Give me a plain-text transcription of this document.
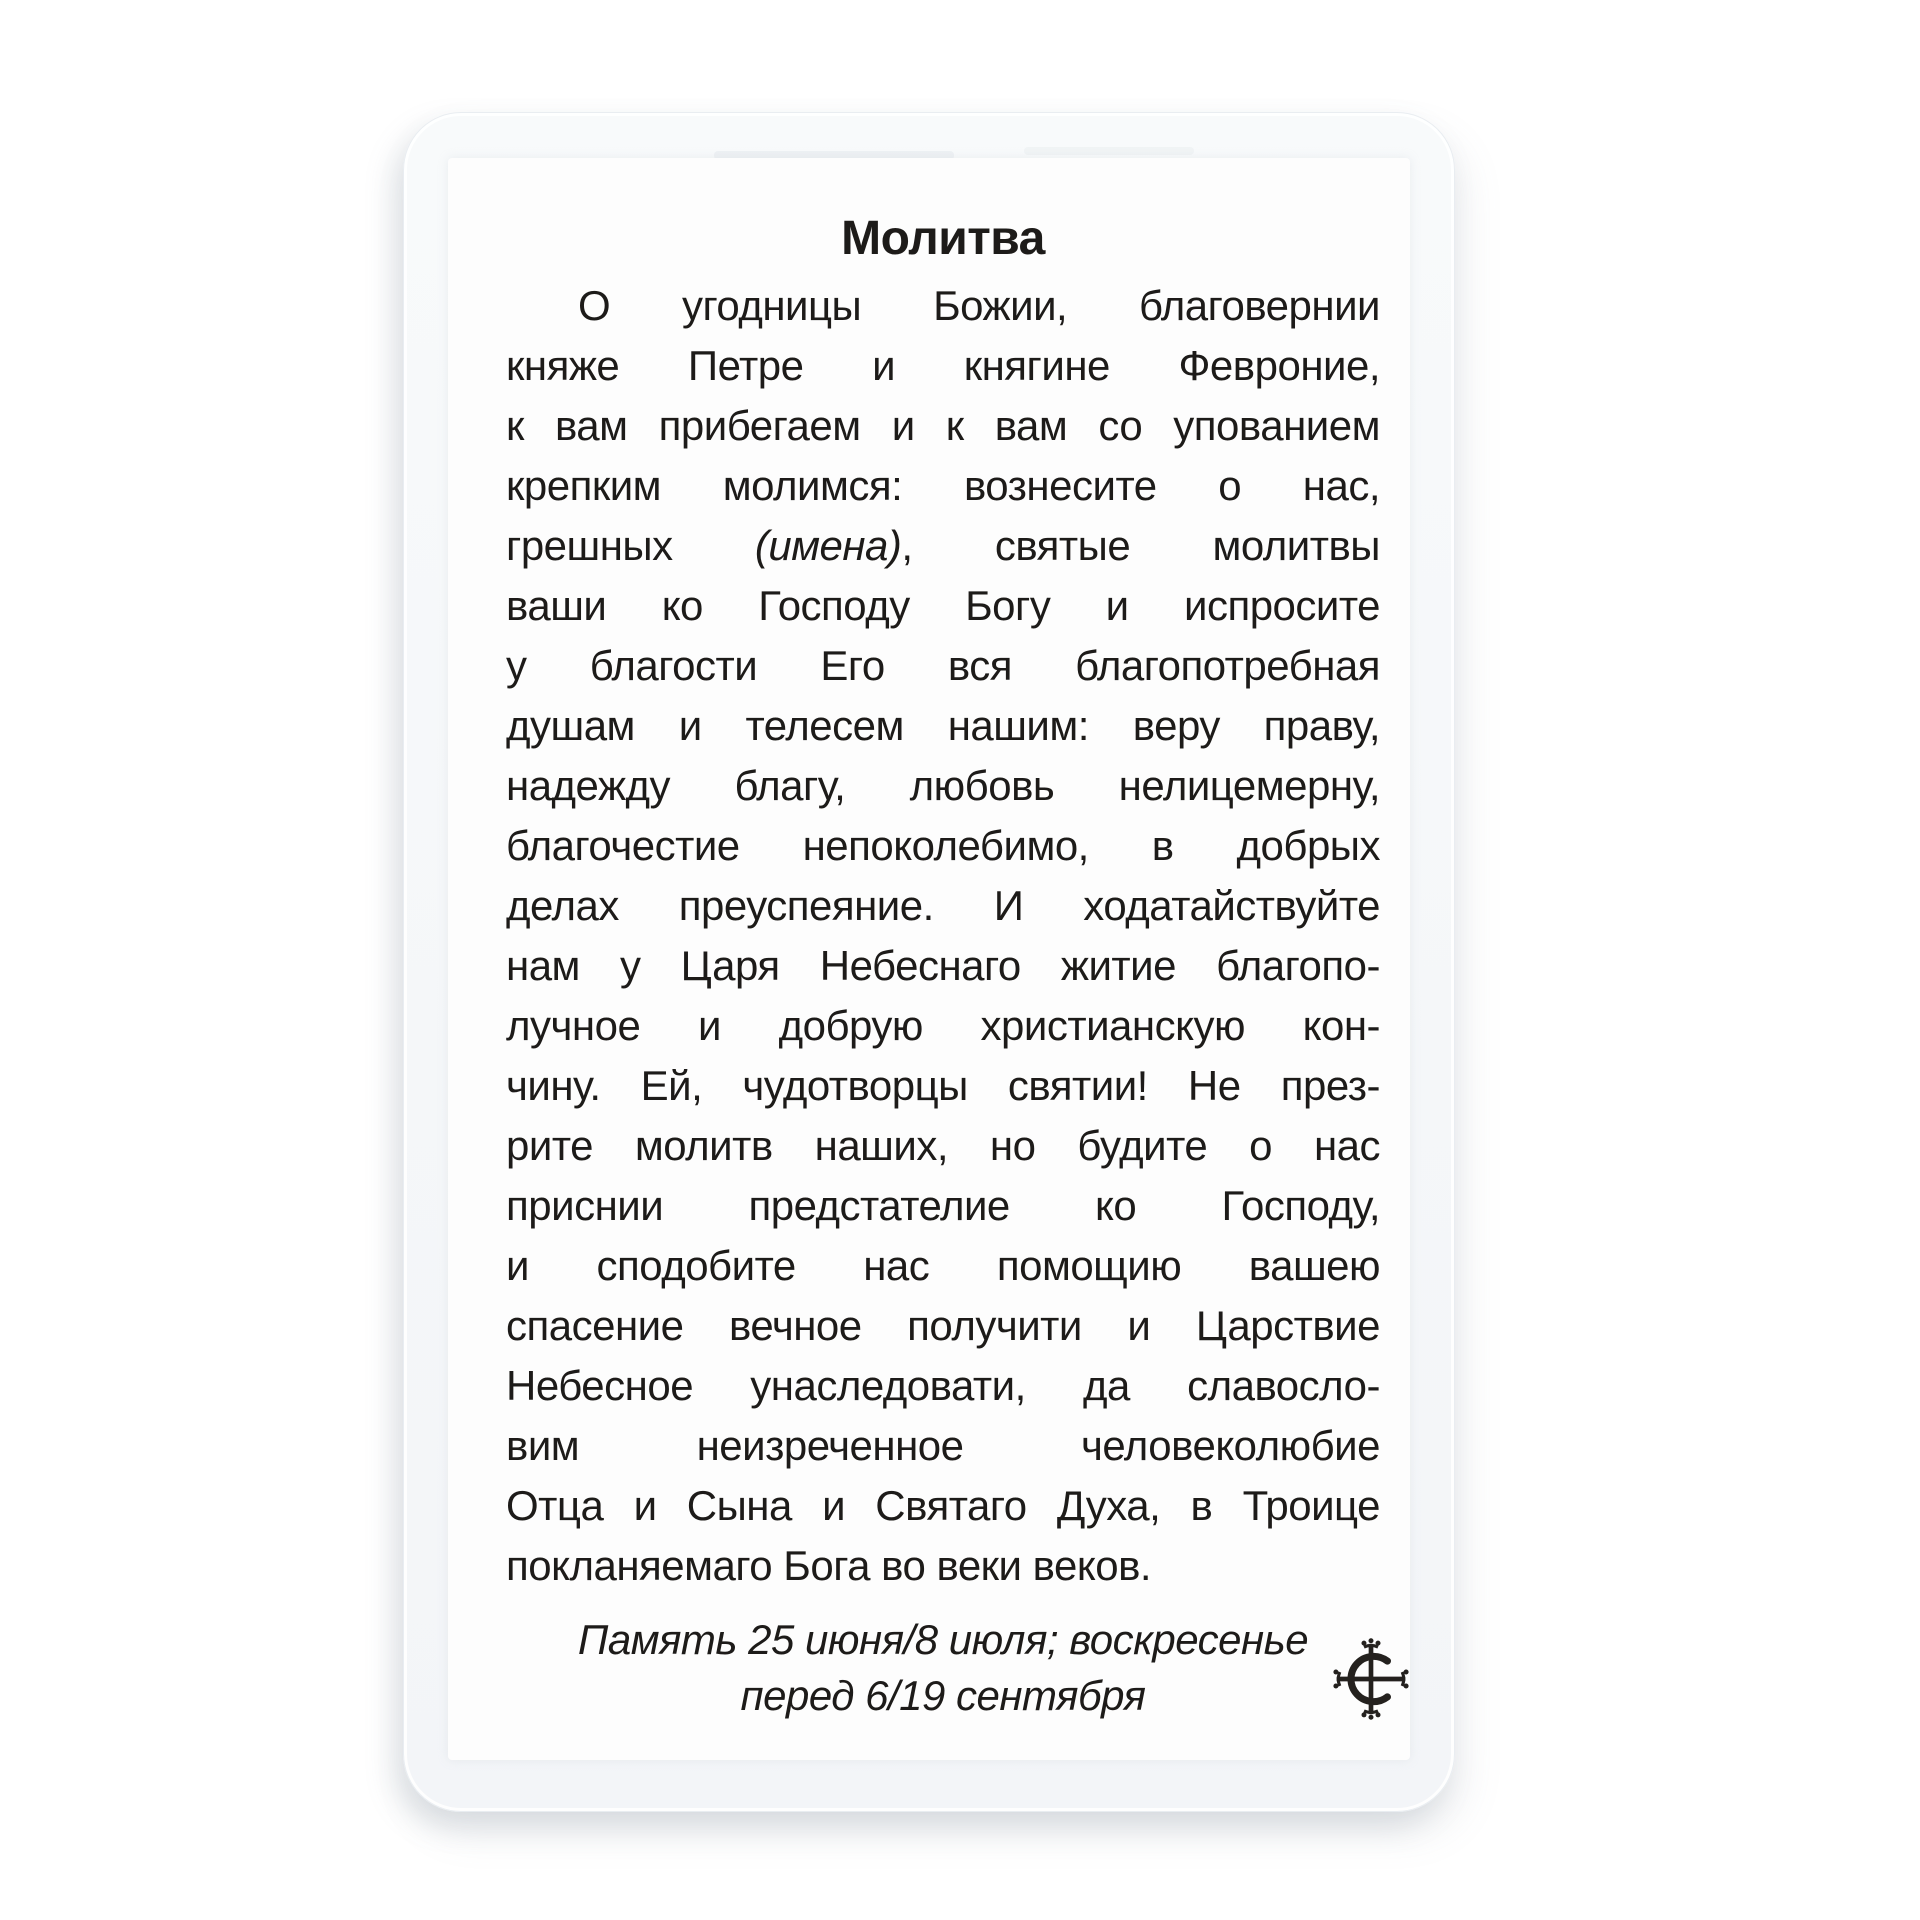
Молитва
О угодницы Божии, благовернии
княже Петре и княгине Февроние,
к вам прибегаем и к вам со упованием
крепким молимся: вознесите о нас,
грешных (имена), святые молитвы
ваши ко Господу Богу и испросите
у благости Его вся благопотребная
душам и телесем нашим: веру праву,
надежду благу, любовь нелицемерну,
благочестие непоколебимо, в добрых
делах преуспеяние. И ходатайствуйте
нам у Царя Небеснаго житие благопо-
лучное и добрую христианскую кон-
чину. Ей, чудотворцы святии! Не през-
рите молитв наших, но будите о нас
приснии предстателие ко Господу,
и сподобите нас помощию вашею
спасение вечное получити и Царствие
Небесное унаследовати, да славосло-
вим неизреченное человеколюбие
Отца и Сына и Святаго Духа, в Троице
покланяемаго Бога во веки веков.
Память 25 июня/8 июля; воскресенье
перед 6/19 сентября
